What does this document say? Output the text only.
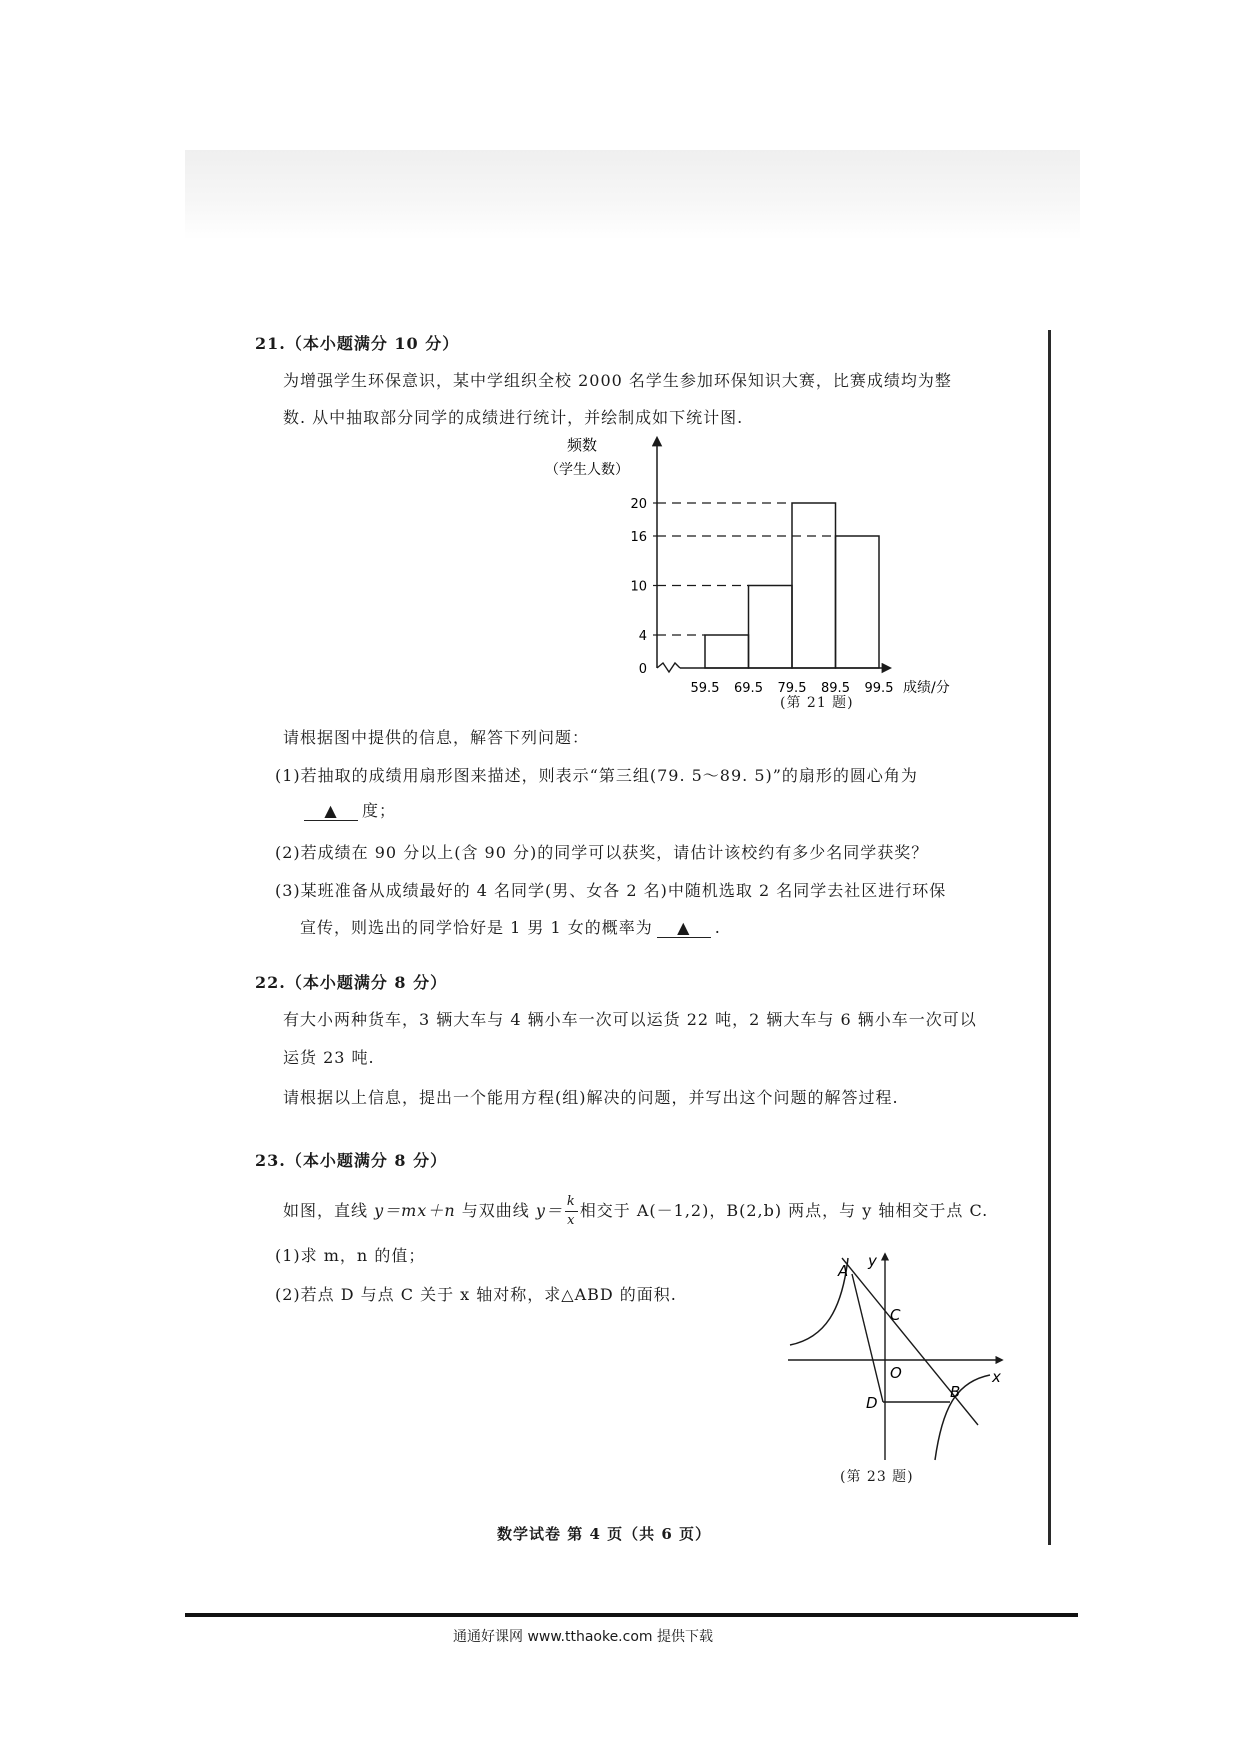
21.（本小题满分 10 分）
为增强学生环保意识，某中学组织全校 2000 名学生参加环保知识大赛，比赛成绩均为整
数. 从中抽取部分同学的成绩进行统计，并绘制成如下统计图.
频数
（学生人数）
0
4
10
16
20
59.5 69.5 79.5 89.5 99.5 成绩/分
(第 21 题)
请根据图中提供的信息，解答下列问题：
(1)若抽取的成绩用扇形图来描述，则表示“第三组(79. 5～89. 5)”的扇形的圆心角为
▲ 度；
(2)若成绩在 90 分以上(含 90 分)的同学可以获奖，请估计该校约有多少名同学获奖？
(3)某班准备从成绩最好的 4 名同学(男、女各 2 名)中随机选取 2 名同学去社区进行环保
宣传，则选出的同学恰好是 1 男 1 女的概率为 ▲ .
22.（本小题满分 8 分）
有大小两种货车，3 辆大车与 4 辆小车一次可以运货 22 吨，2 辆大车与 6 辆小车一次可以
运货 23 吨.
请根据以上信息，提出一个能用方程(组)解决的问题，并写出这个问题的解答过程.
23.（本小题满分 8 分）
如图，直线 y＝mx＋n 与双曲线 $y= \frac{k}{x}$ 相交于 A(－1,2)，B(2,b) 两点，与 y 轴相交于点 C.
(1)求 m，n 的值；
(2)若点 D 与点 C 关于 x 轴对称，求△ABD 的面积.
A
C
O
B
D
x
y
(第 23 题)
数学试卷 第 4 页（共 6 页）
通通好课网 www.tthaoke.com 提供下载
